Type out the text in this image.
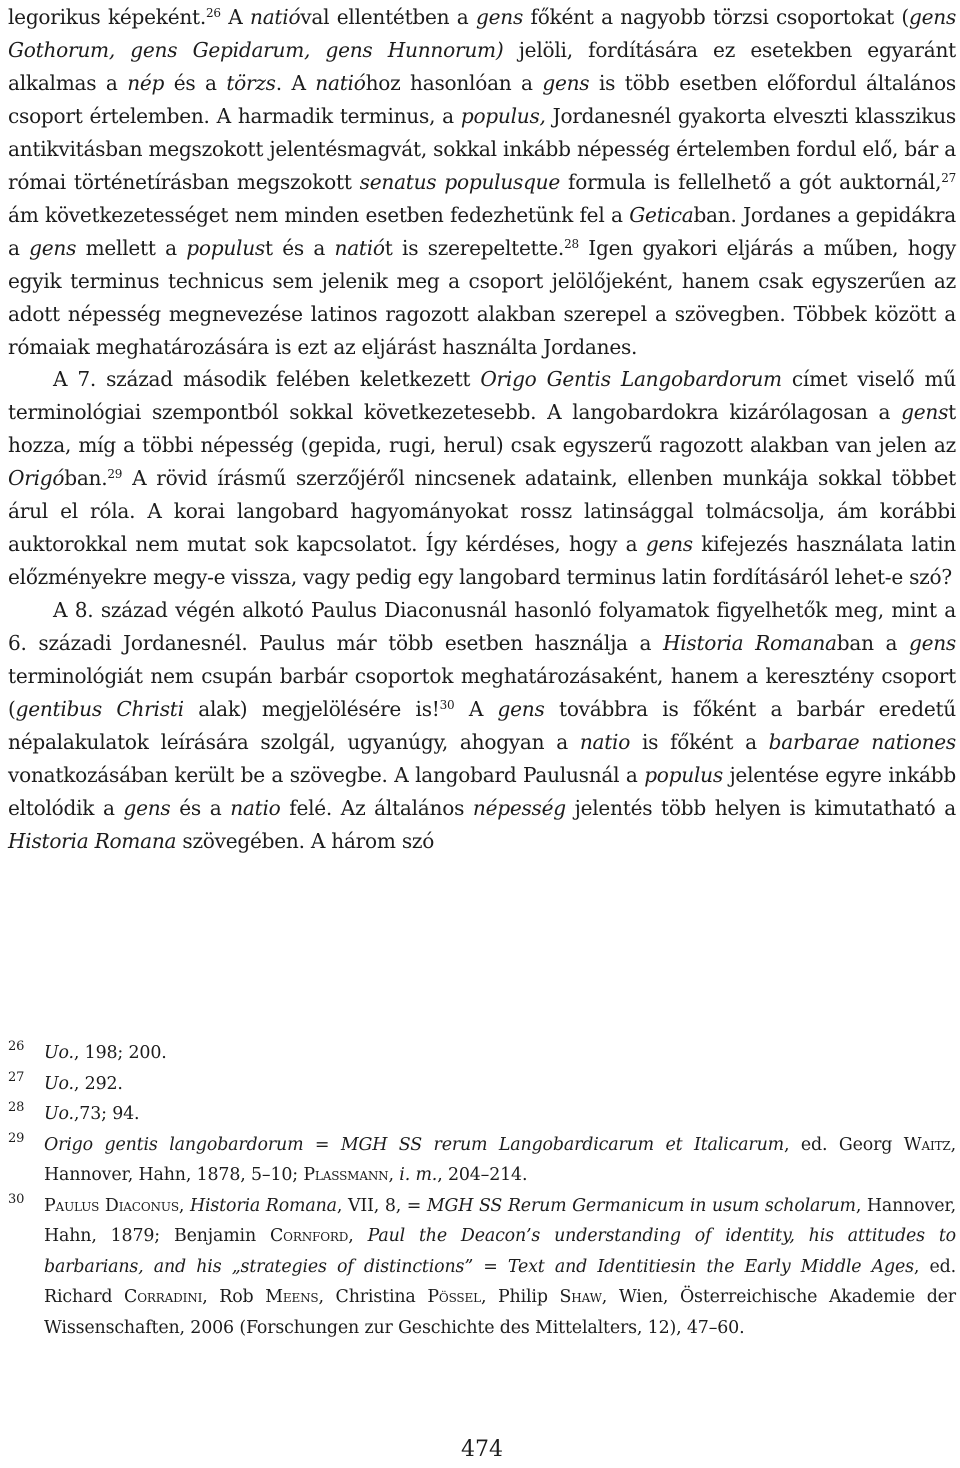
legorikus képeként.$^{26}$ A natióval ellentétben a gens főként a nagyobb törzsi csoportokat (gens Gothorum, gens Gepidarum, gens Hunnorum) jelöli, fordítására ez esetekben egyaránt alkalmas a nép és a törzs. A natióhoz hasonlóan a gens is több esetben előfordul általános csoport értelemben. A harmadik terminus, a populus, Jordanesnél gyakorta elveszti klasszikus antikvitásban megszokott jelentésmagvát, sokkal inkább népesség értelemben fordul elő, bár a római történetírásban megszokott senatus populusque formula is fellelhető a gót auktornál,$^{27}$ ám következetességet nem minden esetben fedezhetünk fel a Geticaban. Jordanes a gepidákra a gens mellett a populust és a natiót is szerepeltette.$^{28}$ Igen gyakori eljárás a műben, hogy egyik terminus technicus sem jelenik meg a csoport jelölőjeként, hanem csak egyszerűen az adott népesség megnevezése latinos ragozott alakban szerepel a szövegben. Többek között a rómaiak meghatározására is ezt az eljárást használta Jordanes.

A 7. század második felében keletkezett Origo Gentis Langobardorum címet viselő mű terminológiai szempontból sokkal következetesebb. A langobardokra kizárólagosan a genst hozza, míg a többi népesség (gepida, rugi, herul) csak egyszerű ragozott alakban van jelen az Origóban.$^{29}$ A rövid írásmű szerzőjéről nincsenek adataink, ellenben munkája sokkal többet árul el róla. A korai langobard hagyományokat rossz latinsággal tolmácsolja, ám korábbi auktorokkal nem mutat sok kapcsolatot. Így kérdéses, hogy a gens kifejezés használata latin előzményekre megy-e vissza, vagy pedig egy langobard terminus latin fordításáról lehet-e szó?

A 8. század végén alkotó Paulus Diaconusnál hasonló folyamatok figyelhetők meg, mint a 6. századi Jordanesnél. Paulus már több esetben használja a Historia Romanaban a gens terminológiát nem csupán barbár csoportok meghatározásaként, hanem a keresztény csoport (gentibus Christi alak) megjelölésére is!$^{30}$ A gens továbbra is főként a barbár eredetű népalakulatok leírására szolgál, ugyanúgy, ahogyan a natio is főként a barbarae nationes vonatkozásában került be a szövegbe. A langobard Paulusnál a populus jelentése egyre inkább eltolódik a gens és a natio felé. Az általános népesség jelentés több helyen is kimutatható a Historia Romana szövegében. A három szó

26	Uo., 198; 200.
27	Uo., 292.
28	Uo.,73; 94.
29	Origo gentis langobardorum = MGH SS rerum Langobardicarum et Italicarum, ed. Georg Waitz, Hannover, Hahn, 1878, 5–10; Plassmann, i. m., 204–214.
30	Paulus Diaconus, Historia Romana, VII, 8, = MGH SS Rerum Germanicum in usum scholarum, Hannover, Hahn, 1879; Benjamin Cornford, Paul the Deacon’s understanding of identity, his attitudes to barbarians, and his „strategies of distinctions” = Text and Identitiesin the Early Middle Ages, ed. Richard Corradini, Rob Meens, Christina Pössel, Philip Shaw, Wien, Österreichische Akademie der Wissenschaften, 2006 (Forschungen zur Geschichte des Mittelalters, 12), 47–60.
474
